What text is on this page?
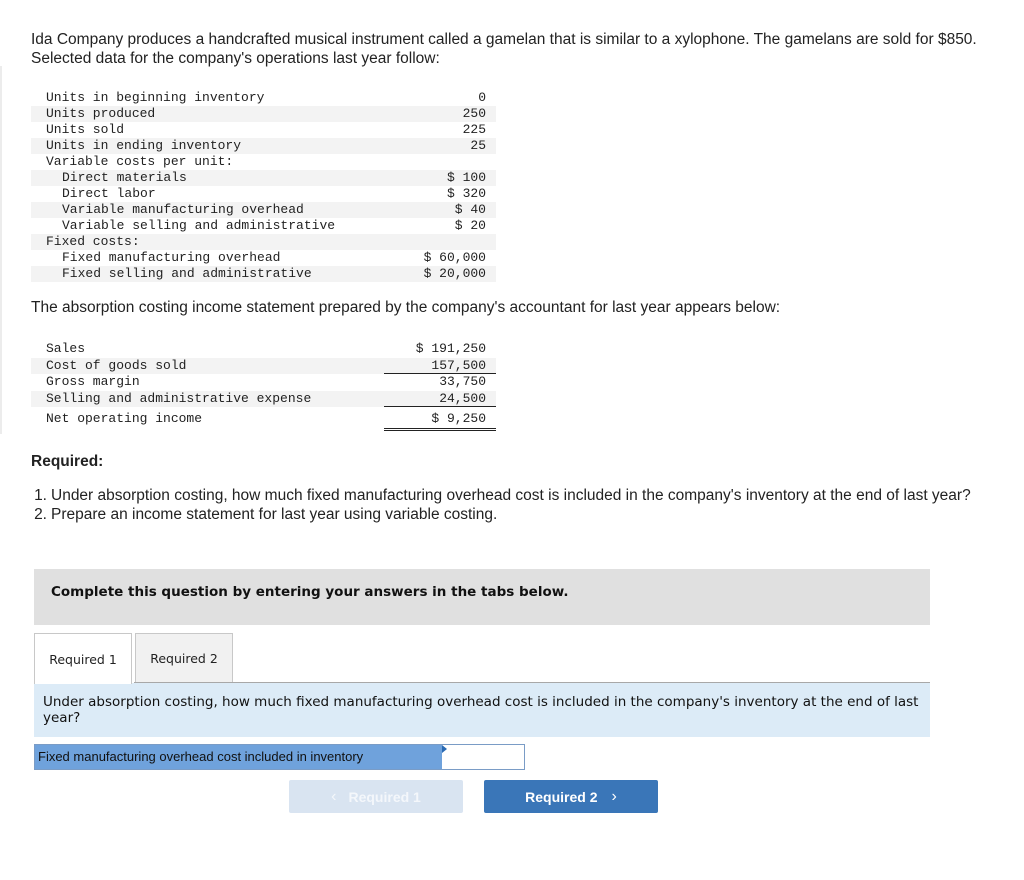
Ida Company produces a handcrafted musical instrument called a gamelan that is similar to a xylophone. The gamelans are sold for $850. Selected data for the company's operations last year follow:

Units in beginning inventory	0
Units produced	250
Units sold	225
Units in ending inventory	25
Variable costs per unit:
Direct materials	$ 100
Direct labor	$ 320
Variable manufacturing overhead	$ 40
Variable selling and administrative	$ 20
Fixed costs:
Fixed manufacturing overhead	$ 60,000
Fixed selling and administrative	$ 20,000

The absorption costing income statement prepared by the company's accountant for last year appears below:

Sales	$ 191,250
Cost of goods sold	157,500
Gross margin	33,750
Selling and administrative expense	24,500
Net operating income	$ 9,250

Required:

1. Under absorption costing, how much fixed manufacturing overhead cost is included in the company's inventory at the end of last year?
2. Prepare an income statement for last year using variable costing.
Complete this question by entering your answers in the tabs below.
Required 1	Required 2
Under absorption costing, how much fixed manufacturing overhead cost is included in the company's inventory at the end of last year?
Fixed manufacturing overhead cost included in inventory
‹ Required 1	Required 2 ›
